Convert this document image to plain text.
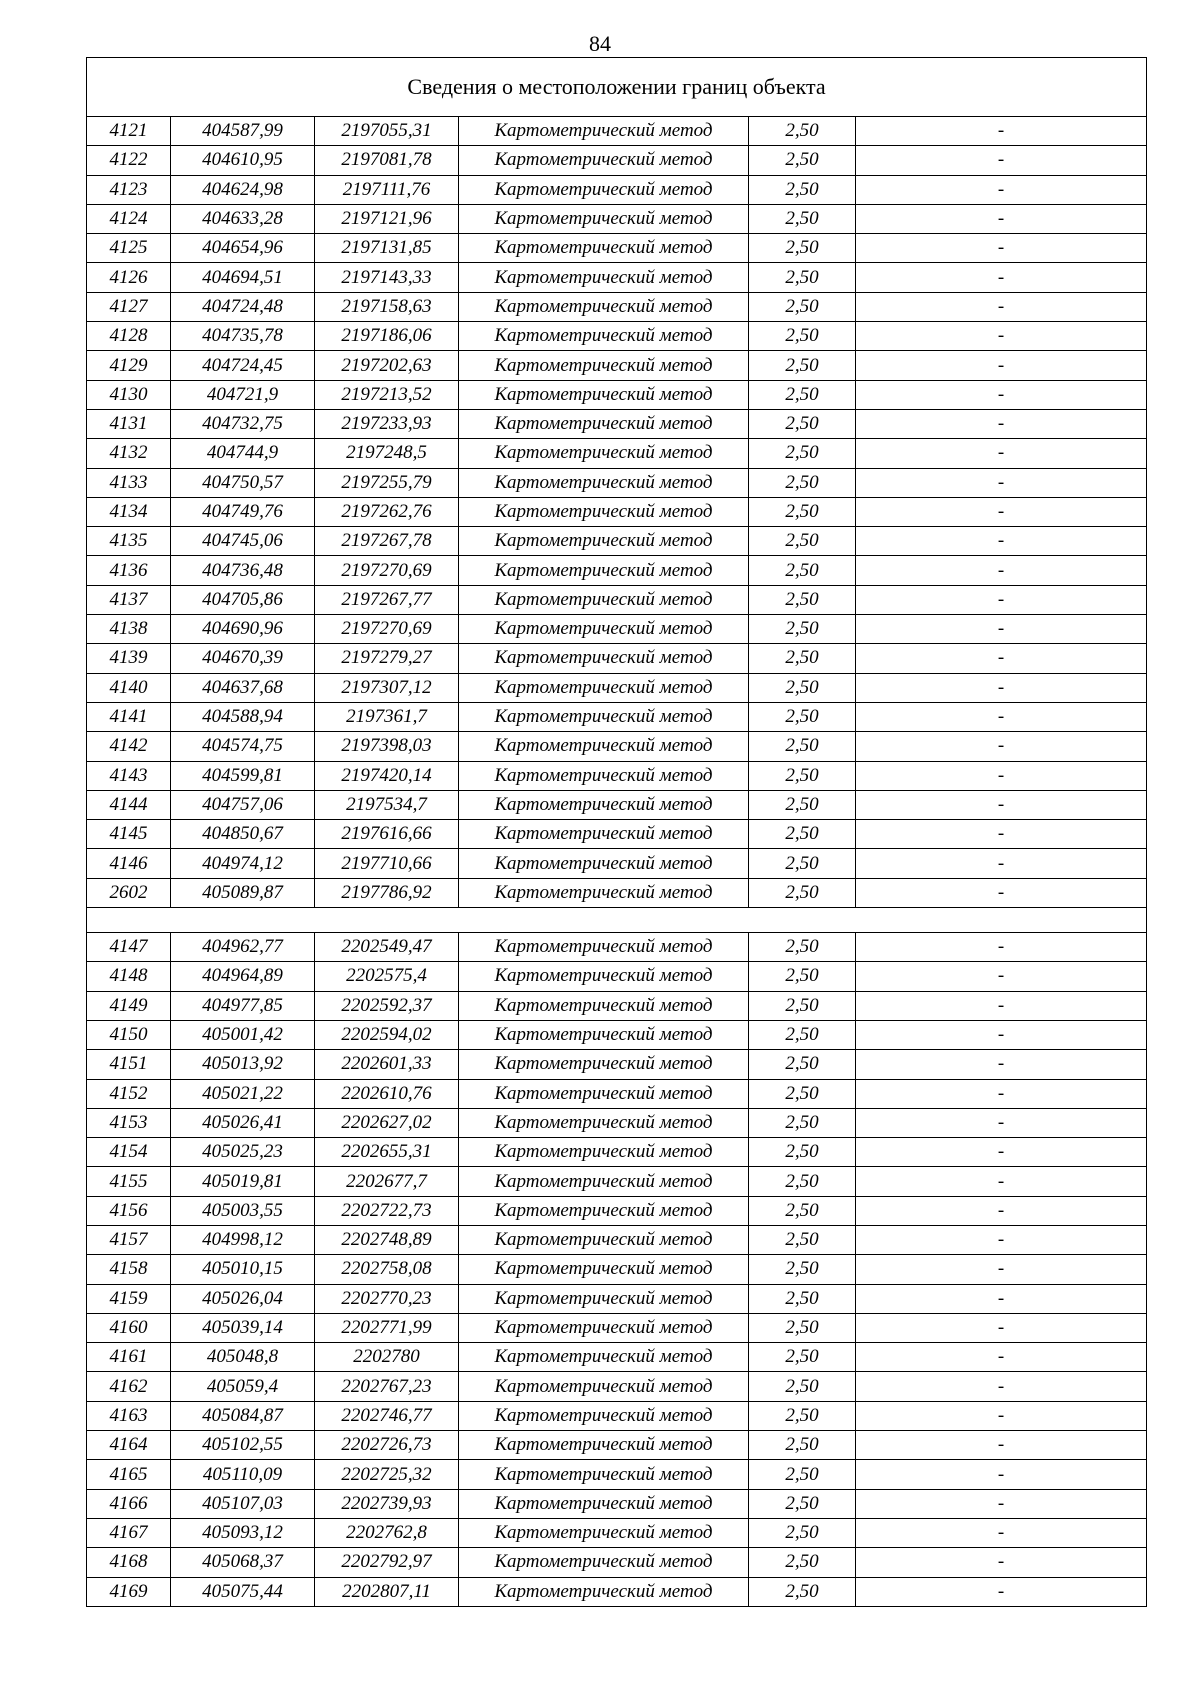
84
Сведения о местоположении границ объекта					
4121	404587,99	2197055,31	Картометрический метод	2,50	-
4122	404610,95	2197081,78	Картометрический метод	2,50	-
4123	404624,98	2197111,76	Картометрический метод	2,50	-
4124	404633,28	2197121,96	Картометрический метод	2,50	-
4125	404654,96	2197131,85	Картометрический метод	2,50	-
4126	404694,51	2197143,33	Картометрический метод	2,50	-
4127	404724,48	2197158,63	Картометрический метод	2,50	-
4128	404735,78	2197186,06	Картометрический метод	2,50	-
4129	404724,45	2197202,63	Картометрический метод	2,50	-
4130	404721,9	2197213,52	Картометрический метод	2,50	-
4131	404732,75	2197233,93	Картометрический метод	2,50	-
4132	404744,9	2197248,5	Картометрический метод	2,50	-
4133	404750,57	2197255,79	Картометрический метод	2,50	-
4134	404749,76	2197262,76	Картометрический метод	2,50	-
4135	404745,06	2197267,78	Картометрический метод	2,50	-
4136	404736,48	2197270,69	Картометрический метод	2,50	-
4137	404705,86	2197267,77	Картометрический метод	2,50	-
4138	404690,96	2197270,69	Картометрический метод	2,50	-
4139	404670,39	2197279,27	Картометрический метод	2,50	-
4140	404637,68	2197307,12	Картометрический метод	2,50	-
4141	404588,94	2197361,7	Картометрический метод	2,50	-
4142	404574,75	2197398,03	Картометрический метод	2,50	-
4143	404599,81	2197420,14	Картометрический метод	2,50	-
4144	404757,06	2197534,7	Картометрический метод	2,50	-
4145	404850,67	2197616,66	Картометрический метод	2,50	-
4146	404974,12	2197710,66	Картометрический метод	2,50	-
2602	405089,87	2197786,92	Картометрический метод	2,50	-

4147	404962,77	2202549,47	Картометрический метод	2,50	-
4148	404964,89	2202575,4	Картометрический метод	2,50	-
4149	404977,85	2202592,37	Картометрический метод	2,50	-
4150	405001,42	2202594,02	Картометрический метод	2,50	-
4151	405013,92	2202601,33	Картометрический метод	2,50	-
4152	405021,22	2202610,76	Картометрический метод	2,50	-
4153	405026,41	2202627,02	Картометрический метод	2,50	-
4154	405025,23	2202655,31	Картометрический метод	2,50	-
4155	405019,81	2202677,7	Картометрический метод	2,50	-
4156	405003,55	2202722,73	Картометрический метод	2,50	-
4157	404998,12	2202748,89	Картометрический метод	2,50	-
4158	405010,15	2202758,08	Картометрический метод	2,50	-
4159	405026,04	2202770,23	Картометрический метод	2,50	-
4160	405039,14	2202771,99	Картометрический метод	2,50	-
4161	405048,8	2202780	Картометрический метод	2,50	-
4162	405059,4	2202767,23	Картометрический метод	2,50	-
4163	405084,87	2202746,77	Картометрический метод	2,50	-
4164	405102,55	2202726,73	Картометрический метод	2,50	-
4165	405110,09	2202725,32	Картометрический метод	2,50	-
4166	405107,03	2202739,93	Картометрический метод	2,50	-
4167	405093,12	2202762,8	Картометрический метод	2,50	-
4168	405068,37	2202792,97	Картометрический метод	2,50	-
4169	405075,44	2202807,11	Картометрический метод	2,50	-
